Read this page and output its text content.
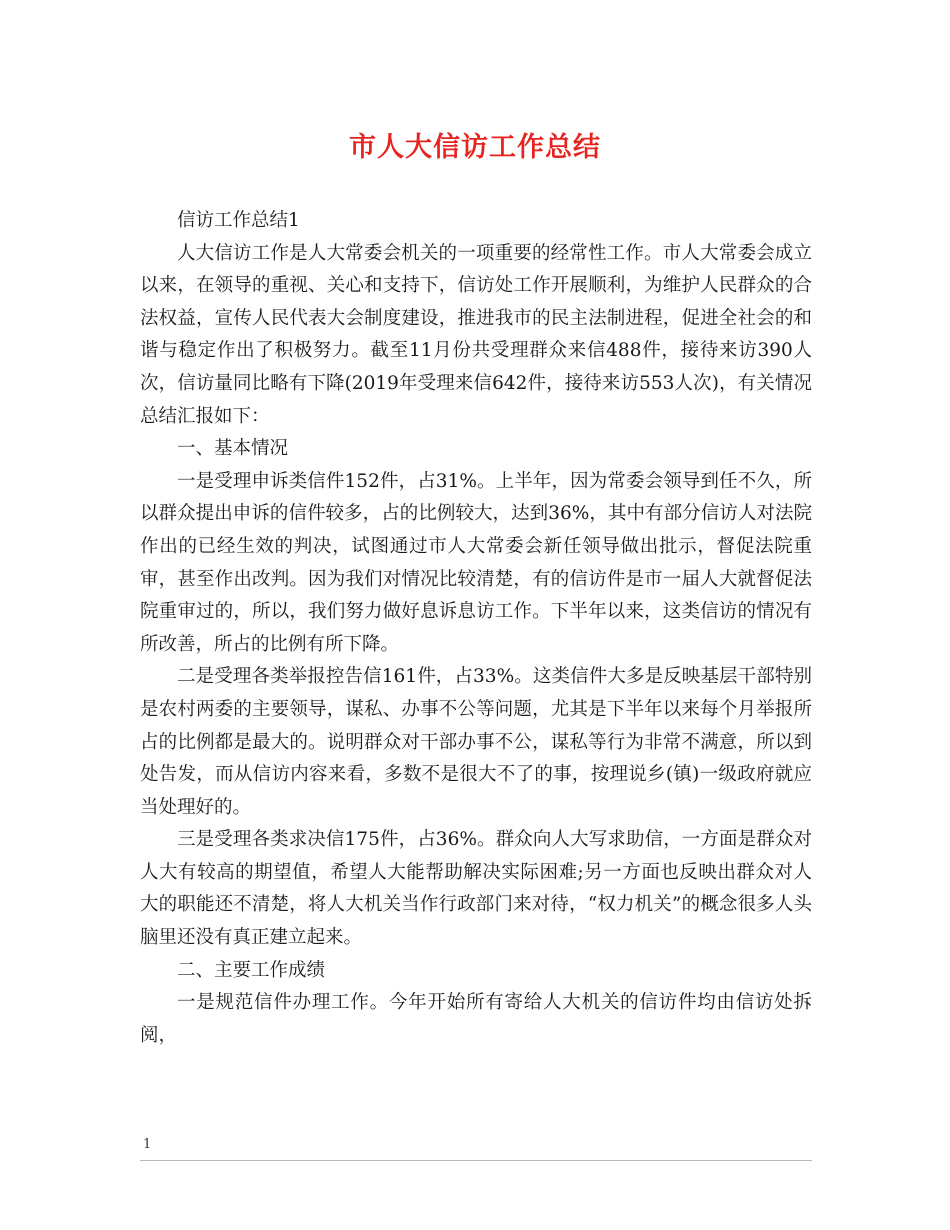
市人大信访工作总结

信访工作总结1

人大信访工作是人大常委会机关的一项重要的经常性工作。市人大常委会成立以来，在领导的重视、关心和支持下，信访处工作开展顺利，为维护人民群众的合法权益，宣传人民代表大会制度建设，推进我市的民主法制进程，促进全社会的和谐与稳定作出了积极努力。截至11月份共受理群众来信488件，接待来访390人次，信访量同比略有下降(2019年受理来信642件，接待来访553人次)，有关情况总结汇报如下：

一、基本情况

一是受理申诉类信件152件，占31%。上半年，因为常委会领导到任不久，所以群众提出申诉的信件较多，占的比例较大，达到36%，其中有部分信访人对法院作出的已经生效的判决，试图通过市人大常委会新任领导做出批示，督促法院重审，甚至作出改判。因为我们对情况比较清楚，有的信访件是市一届人大就督促法院重审过的，所以，我们努力做好息诉息访工作。下半年以来，这类信访的情况有所改善，所占的比例有所下降。

二是受理各类举报控告信161件，占33%。这类信件大多是反映基层干部特别是农村两委的主要领导，谋私、办事不公等问题，尤其是下半年以来每个月举报所占的比例都是最大的。说明群众对干部办事不公，谋私等行为非常不满意，所以到处告发，而从信访内容来看，多数不是很大不了的事，按理说乡(镇)一级政府就应当处理好的。

三是受理各类求决信175件，占36%。群众向人大写求助信，一方面是群众对人大有较高的期望值，希望人大能帮助解决实际困难;另一方面也反映出群众对人大的职能还不清楚，将人大机关当作行政部门来对待，“权力机关”的概念很多人头脑里还没有真正建立起来。

二、主要工作成绩

一是规范信件办理工作。今年开始所有寄给人大机关的信访件均由信访处拆阅，

1
